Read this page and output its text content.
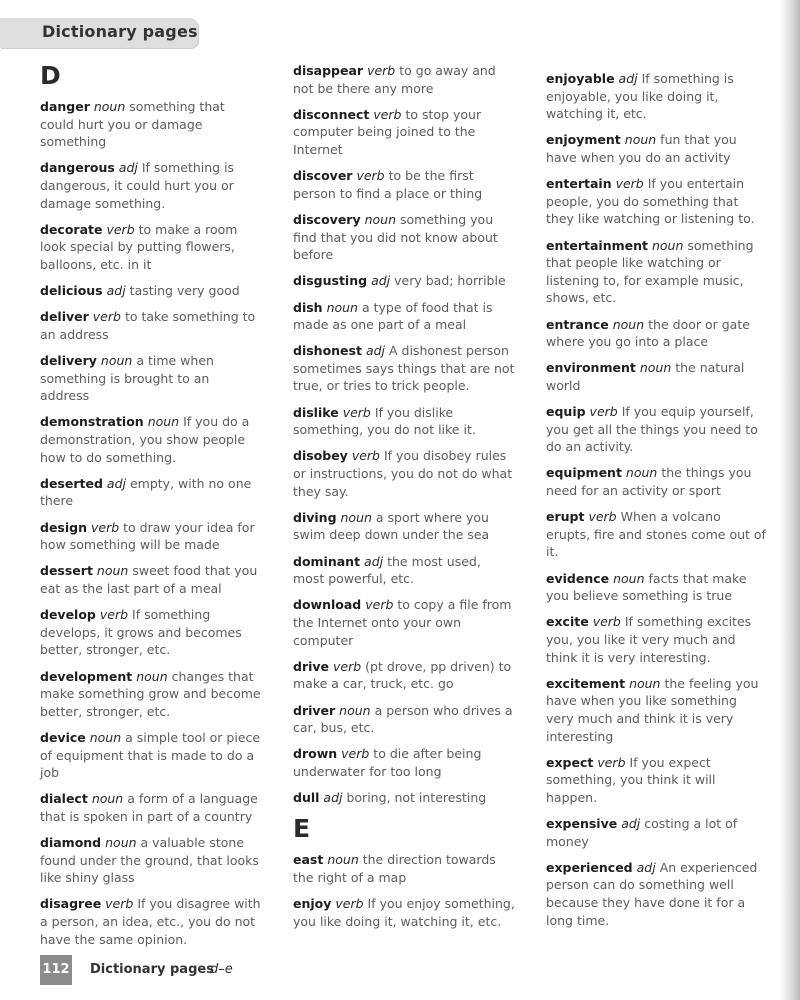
Dictionary pages
D
danger noun something that could hurt you or damage something
dangerous adj If something is dangerous, it could hurt you or damage something.
decorate verb to make a room look special by putting flowers, balloons, etc. in it
delicious adj tasting very good
deliver verb to take something to an address
delivery noun a time when something is brought to an address
demonstration noun If you do a demonstration, you show people how to do something.
deserted adj empty, with no one there
design verb to draw your idea for how something will be made
dessert noun sweet food that you eat as the last part of a meal
develop verb If something develops, it grows and becomes better, stronger, etc.
development noun changes that make something grow and become better, stronger, etc.
device noun a simple tool or piece of equipment that is made to do a job
dialect noun a form of a language that is spoken in part of a country
diamond noun a valuable stone found under the ground, that looks like shiny glass
disagree verb If you disagree with a person, an idea, etc., you do not have the same opinion.
disappear verb to go away and not be there any more
disconnect verb to stop your computer being joined to the Internet
discover verb to be the first person to find a place or thing
discovery noun something you find that you did not know about before
disgusting adj very bad; horrible
dish noun a type of food that is made as one part of a meal
dishonest adj A dishonest person sometimes says things that are not true, or tries to trick people.
dislike verb If you dislike something, you do not like it.
disobey verb If you disobey rules or instructions, you do not do what they say.
diving noun a sport where you swim deep down under the sea
dominant adj the most used, most powerful, etc.
download verb to copy a file from the Internet onto your own computer
drive verb (pt drove, pp driven) to make a car, truck, etc. go
driver noun a person who drives a car, bus, etc.
drown verb to die after being underwater for too long
dull adj boring, not interesting
E
east noun the direction towards the right of a map
enjoy verb If you enjoy something, you like doing it, watching it, etc.
enjoyable adj If something is enjoyable, you like doing it, watching it, etc.
enjoyment noun fun that you have when you do an activity
entertain verb If you entertain people, you do something that they like watching or listening to.
entertainment noun something that people like watching or listening to, for example music, shows, etc.
entrance noun the door or gate where you go into a place
environment noun the natural world
equip verb If you equip yourself, you get all the things you need to do an activity.
equipment noun the things you need for an activity or sport
erupt verb When a volcano erupts, fire and stones come out of it.
evidence noun facts that make you believe something is true
excite verb If something excites you, you like it very much and think it is very interesting.
excitement noun the feeling you have when you like something very much and think it is very interesting
expect verb If you expect something, you think it will happen.
expensive adj costing a lot of money
experienced adj An experienced person can do something well because they have done it for a long time.
112 Dictionary pages
d–e
